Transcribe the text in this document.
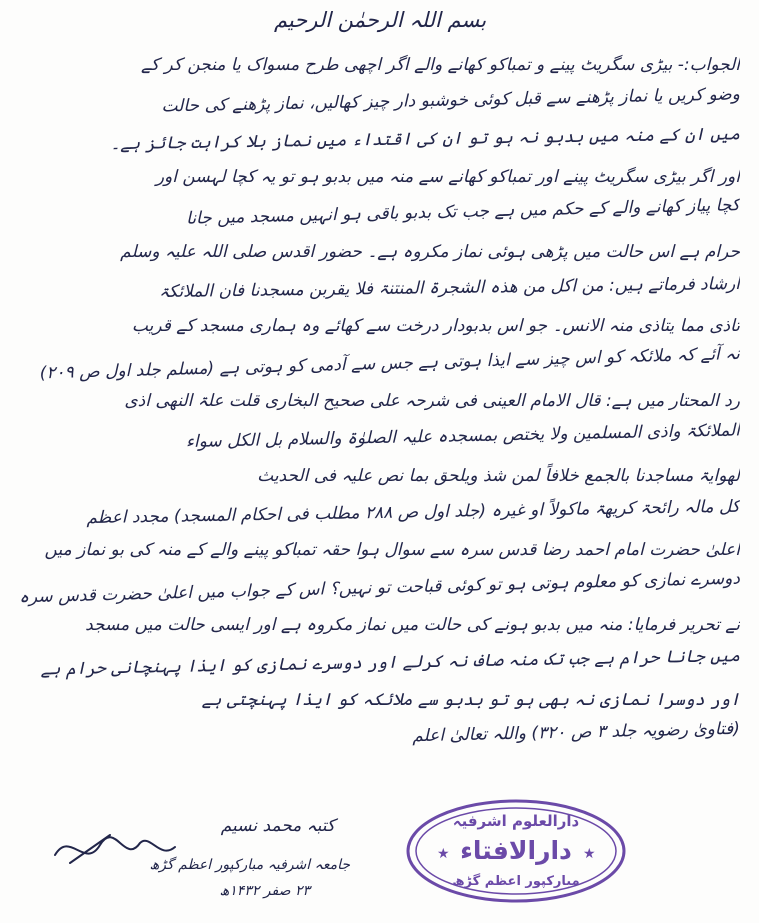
بسم اللہ الرحمٰن الرحیم
الجواب:- بیڑی سگریٹ پینے و تمباکو کھانے والے اگر اچھی طرح مسواک یا منجن کر کے
وضو کریں یا نماز پڑھنے سے قبل کوئی خوشبو دار چیز کھالیں، نماز پڑھنے کی حالت
میں ان کے منہ میں بدبو نہ ہو تو ان کی اقتداء میں نماز بلا کراہت جائز ہے۔
اور اگر بیڑی سگریٹ پینے اور تمباکو کھانے سے منہ میں بدبو ہو تو یہ کچا لہسن اور
کچا پیاز کھانے والے کے حکم میں ہے جب تک بدبو باقی ہو انہیں مسجد میں جانا
حرام ہے اس حالت میں پڑھی ہوئی نماز مکروہ ہے۔ حضور اقدس صلی اللہ علیہ وسلم
ارشاد فرماتے ہیں: من اکل من ھذہ الشجرۃ المنتنۃ فلا یقربن مسجدنا فان الملائکۃ
تاذی مما یتاذی منہ الانس۔ جو اس بدبودار درخت سے کھائے وہ ہماری مسجد کے قریب
نہ آئے کہ ملائکہ کو اس چیز سے ایذا ہوتی ہے جس سے آدمی کو ہوتی ہے (مسلم جلد اول ص ۲۰۹)
رد المحتار میں ہے: قال الامام العینی فی شرحہ علی صحیح البخاری قلت علۃ النھی اذی
الملائکۃ واذی المسلمین ولا یختص بمسجدہ علیہ الصلوٰۃ والسلام بل الکل سواء
لھوایۃ مساجدنا بالجمع خلافاً لمن شذ ویلحق بما نص علیہ فی الحدیث
کل مالہ رائحۃ کریھۃ ماکولاً او غیرہ (جلد اول ص ۲۸۸ مطلب فی احکام المسجد) مجدد اعظم
اعلیٰ حضرت امام احمد رضا قدس سرہ سے سوال ہوا حقہ تمباکو پینے والے کے منہ کی بو نماز میں
دوسرے نمازی کو معلوم ہوتی ہو تو کوئی قباحت تو نہیں؟ اس کے جواب میں اعلیٰ حضرت قدس سرہ
نے تحریر فرمایا: منہ میں بدبو ہونے کی حالت میں نماز مکروہ ہے اور ایسی حالت میں مسجد
میں جانا حرام ہے جب تک منہ صاف نہ کرلے اور دوسرے نمازی کو ایذا پہنچانی حرام ہے
اور دوسرا نمازی نہ بھی ہو تو بدبو سے ملائکہ کو ایذا پہنچتی ہے
(فتاویٰ رضویہ جلد ۳ ص ۳۲۰) واللہ تعالیٰ اعلم
کتبہ محمد نسیم
جامعہ اشرفیہ مبارکپور اعظم گڑھ
۲۳ صفر ۱۴۳۲ھ
★	★
دارالعلوم اشرفیہ
دارالافتاء
مبارکپور اعظم گڑھ
